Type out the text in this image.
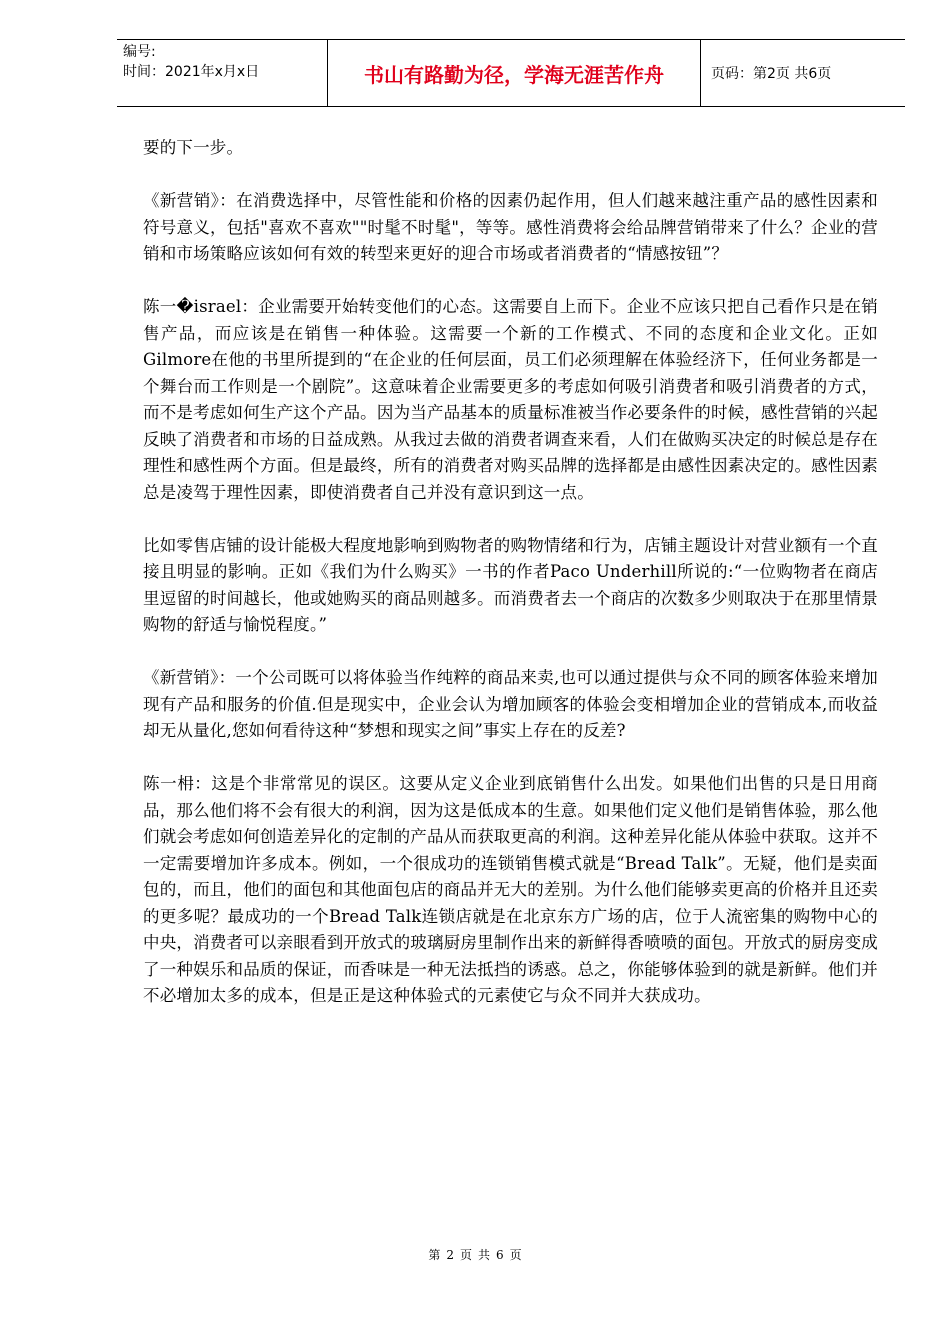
编号:
时间：2021年x月x日	书山有路勤为径，学海无涯苦作舟	页码：第2页 共6页

要的下一步。

《新营销》：在消费选择中，尽管性能和价格的因素仍起作用，但人们越来越注重产品的感性因素和符号意义，包括"喜欢不喜欢""时髦不时髦"，等等。感性消费将会给品牌营销带来了什么？企业的营销和市场策略应该如何有效的转型来更好的迎合市场或者消费者的“情感按钮”？

陈一�israel：企业需要开始转变他们的心态。这需要自上而下。企业不应该只把自己看作只是在销售产品，而应该是在销售一种体验。这需要一个新的工作模式、不同的态度和企业文化。正如Gilmore在他的书里所提到的“在企业的任何层面，员工们必须理解在体验经济下，任何业务都是一个舞台而工作则是一个剧院”。这意味着企业需要更多的考虑如何吸引消费者和吸引消费者的方式，而不是考虑如何生产这个产品。因为当产品基本的质量标准被当作必要条件的时候，感性营销的兴起反映了消费者和市场的日益成熟。从我过去做的消费者调查来看，人们在做购买决定的时候总是存在理性和感性两个方面。但是最终，所有的消费者对购买品牌的选择都是由感性因素决定的。感性因素总是凌驾于理性因素，即使消费者自己并没有意识到这一点。

比如零售店铺的设计能极大程度地影响到购物者的购物情绪和行为，店铺主题设计对营业额有一个直接且明显的影响。正如《我们为什么购买》一书的作者Paco Underhill所说的:“一位购物者在商店里逗留的时间越长，他或她购买的商品则越多。而消费者去一个商店的次数多少则取决于在那里情景购物的舒适与愉悦程度。”

《新营销》：一个公司既可以将体验当作纯粹的商品来卖,也可以通过提供与众不同的顾客体验来增加现有产品和服务的价值.但是现实中，企业会认为增加顾客的体验会变相增加企业的营销成本,而收益却无从量化,您如何看待这种“梦想和现实之间”事实上存在的反差?

陈一枏：这是个非常常见的误区。这要从定义企业到底销售什么出发。如果他们出售的只是日用商品，那么他们将不会有很大的利润，因为这是低成本的生意。如果他们定义他们是销售体验，那么他们就会考虑如何创造差异化的定制的产品从而获取更高的利润。这种差异化能从体验中获取。这并不一定需要增加许多成本。例如，一个很成功的连锁销售模式就是“Bread Talk”。无疑，他们是卖面包的，而且，他们的面包和其他面包店的商品并无大的差别。为什么他们能够卖更高的价格并且还卖的更多呢？最成功的一个Bread Talk连锁店就是在北京东方广场的店，位于人流密集的购物中心的中央，消费者可以亲眼看到开放式的玻璃厨房里制作出来的新鲜得香喷喷的面包。开放式的厨房变成了一种娱乐和品质的保证，而香味是一种无法抵挡的诱惑。总之，你能够体验到的就是新鲜。他们并不必增加太多的成本，但是正是这种体验式的元素使它与众不同并大获成功。

第 2 页 共 6 页
